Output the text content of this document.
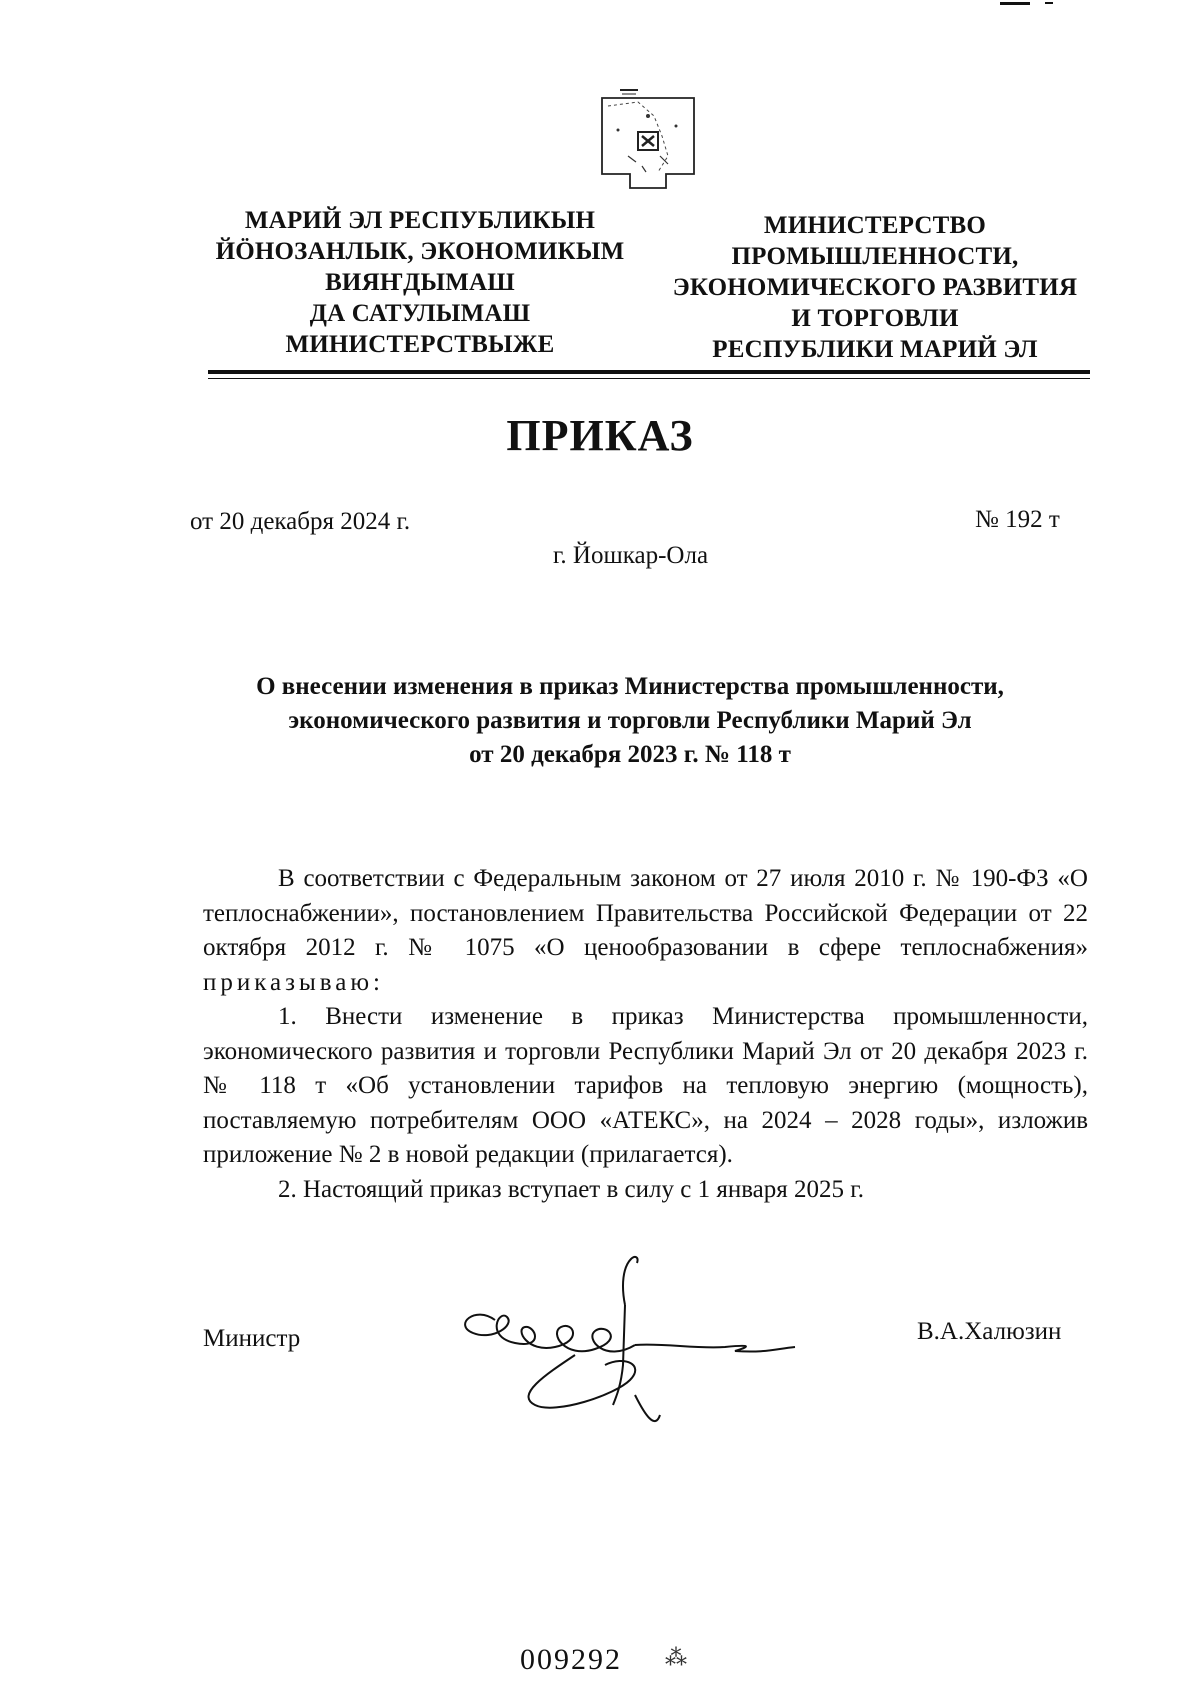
МАРИЙ ЭЛ РЕСПУБЛИКЫН
ЙӦНОЗАНЛЫК, ЭКОНОМИКЫМ
ВИЯҤДЫМАШ
ДА САТУЛЫМАШ
МИНИСТЕРСТВЫЖЕ
МИНИСТЕРСТВО
ПРОМЫШЛЕННОСТИ,
ЭКОНОМИЧЕСКОГО РАЗВИТИЯ
И ТОРГОВЛИ
РЕСПУБЛИКИ МАРИЙ ЭЛ
ПРИКАЗ
от 20 декабря 2024 г.	№ 192 т
г. Йошкар-Ола
О внесении изменения в приказ Министерства промышленности,
экономического развития и торговли Республики Марий Эл
от 20 декабря 2023 г. № 118 т

В соответствии с Федеральным законом от 27 июля 2010 г. № 190-ФЗ «О теплоснабжении», постановлением Правительства Российской Федерации от 22 октября 2012 г. № 1075 «О ценообразовании в сфере теплоснабжения» приказываю:

1. Внести изменение в приказ Министерства промышленности, экономического развития и торговли Республики Марий Эл от 20 декабря 2023 г. № 118 т «Об установлении тарифов на тепловую энергию (мощность), поставляемую потребителям ООО «АТЕКС», на 2024 – 2028 годы», изложив приложение № 2 в новой редакции (прилагается).

2. Настоящий приказ вступает в силу с 1 января 2025 г.

Министр	В.А.Халюзин
009292 ⁂
